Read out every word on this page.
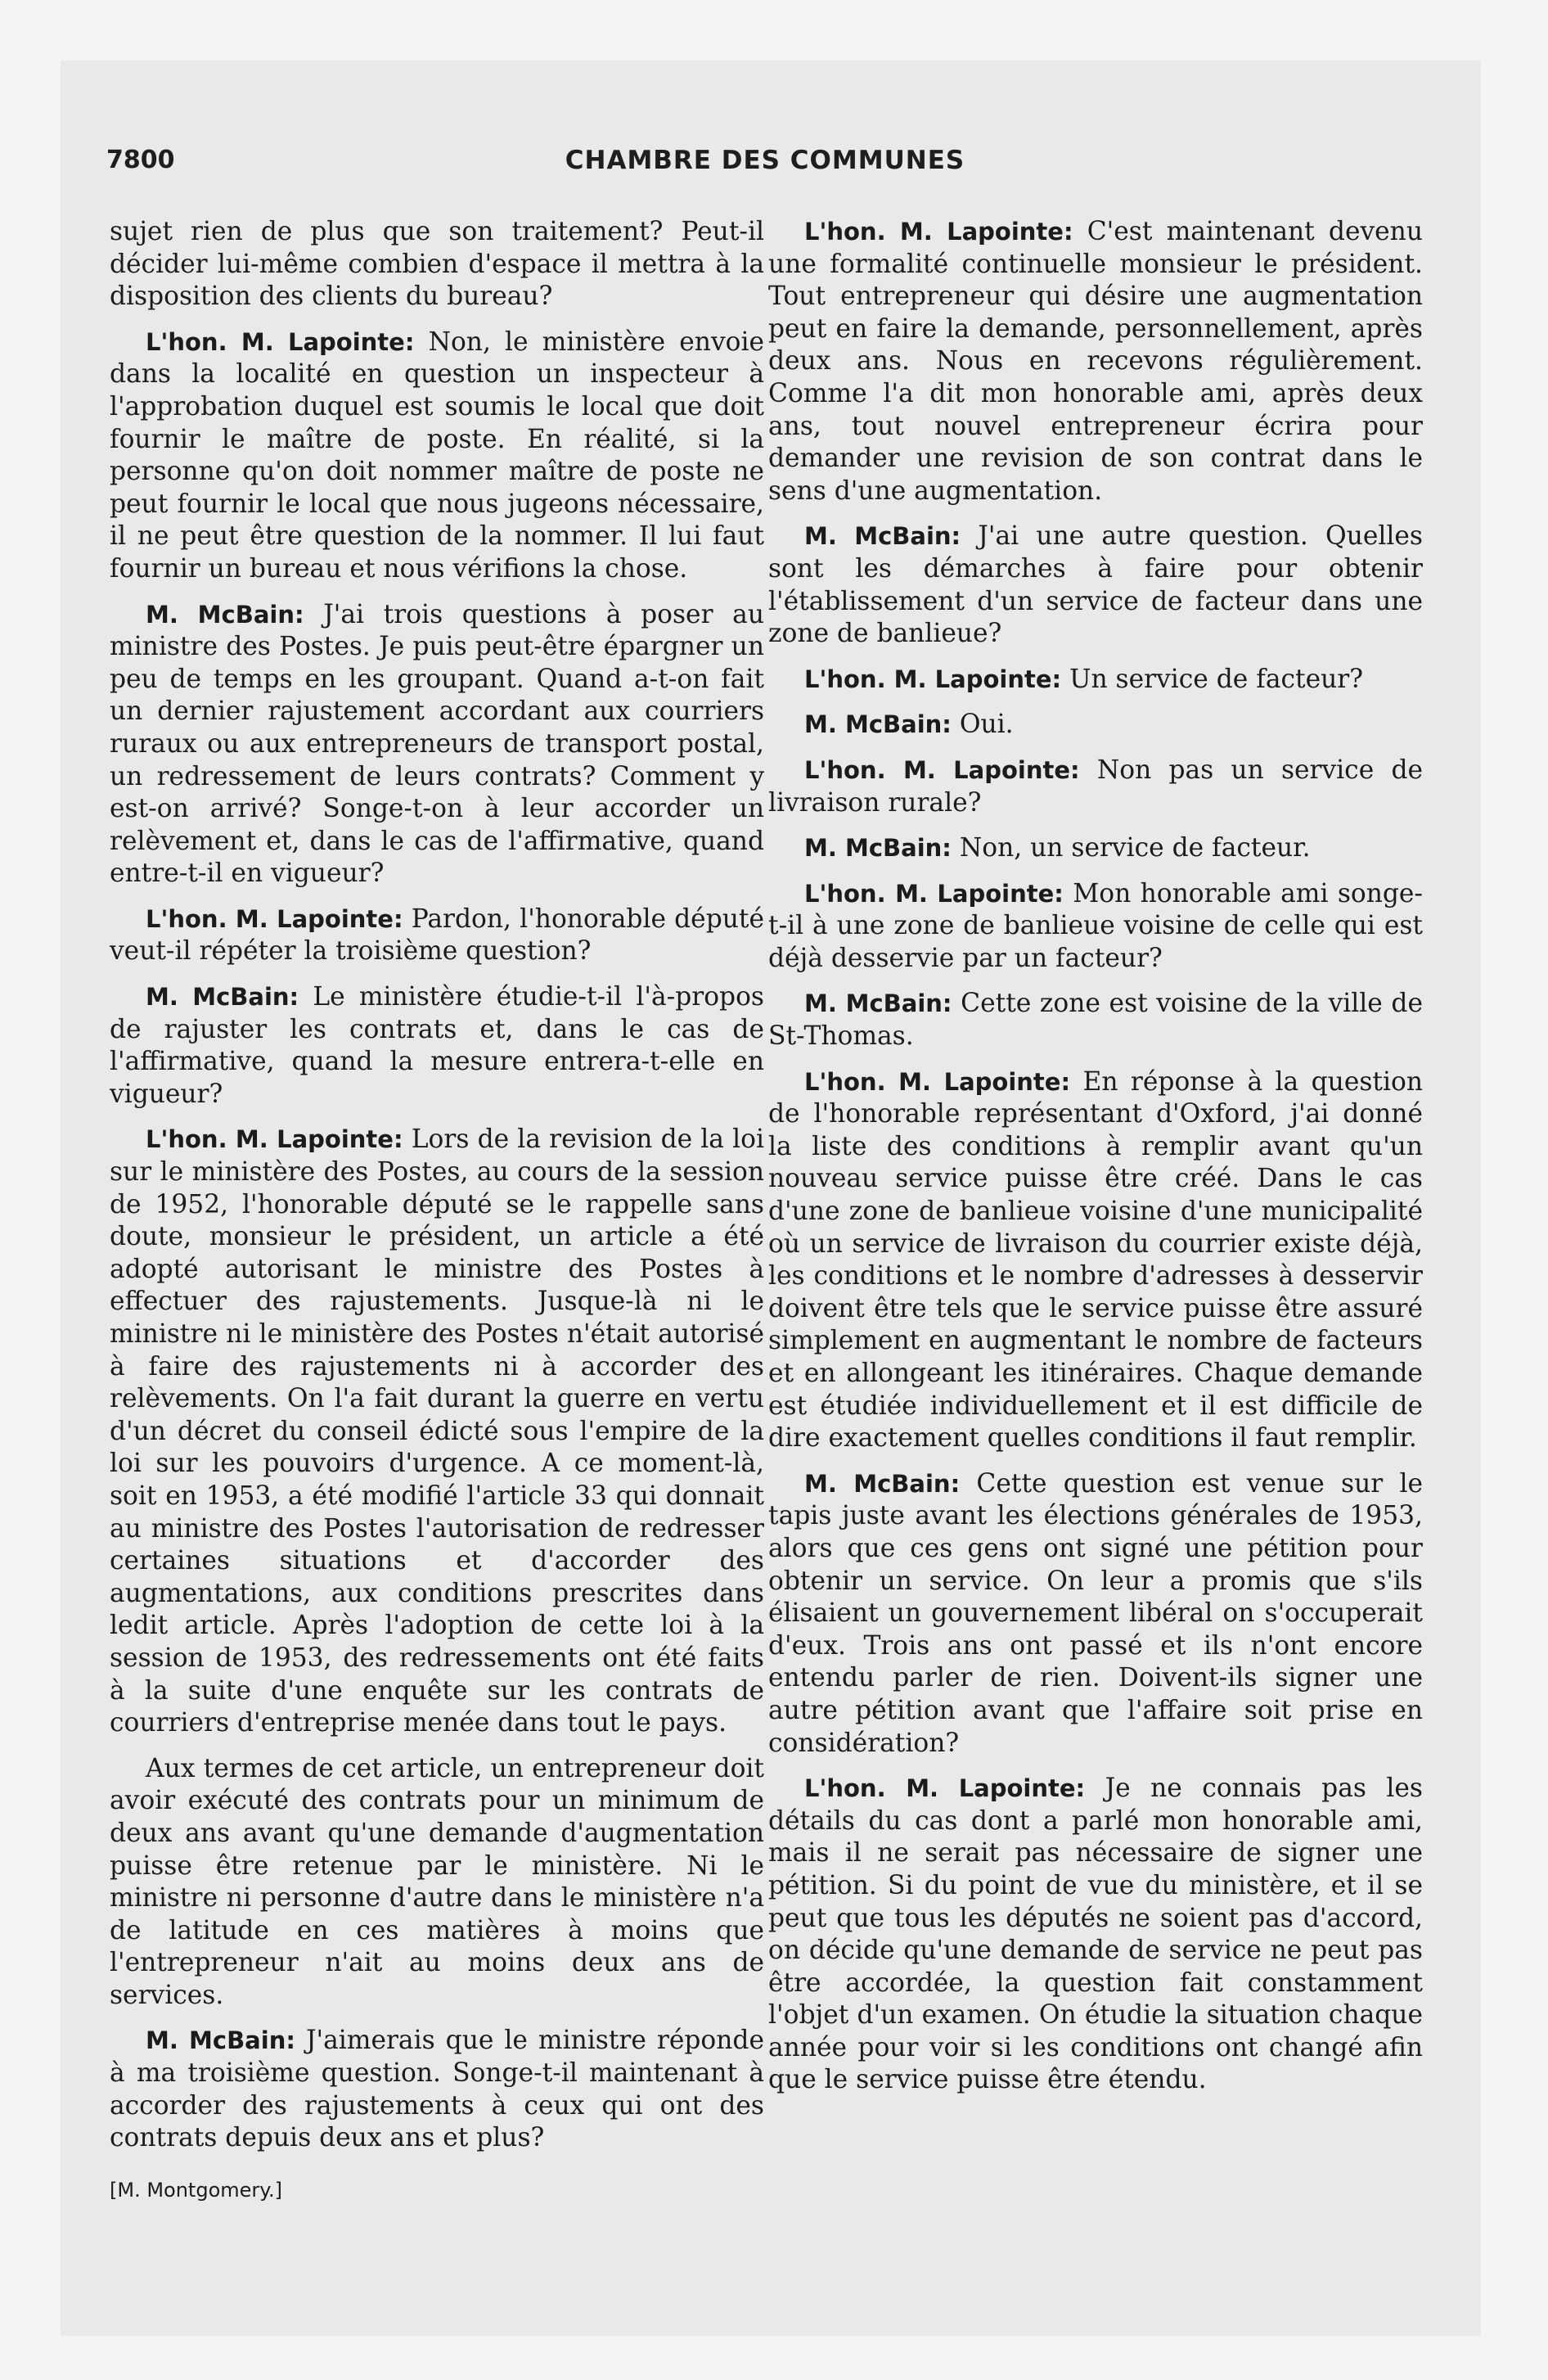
7800	CHAMBRE DES COMMUNES

sujet rien de plus que son traitement? Peut-il décider lui-même combien d'espace il mettra à la disposition des clients du bureau?

L'hon. M. Lapointe: Non, le ministère envoie dans la localité en question un inspecteur à l'approbation duquel est soumis le local que doit fournir le maître de poste. En réalité, si la personne qu'on doit nommer maître de poste ne peut fournir le local que nous jugeons nécessaire, il ne peut être question de la nommer. Il lui faut fournir un bureau et nous vérifions la chose.

M. McBain: J'ai trois questions à poser au ministre des Postes. Je puis peut-être épargner un peu de temps en les groupant. Quand a-t-on fait un dernier rajustement accordant aux courriers ruraux ou aux entrepreneurs de transport postal, un redressement de leurs contrats? Comment y est-on arrivé? Songe-t-on à leur accorder un relèvement et, dans le cas de l'affirmative, quand entre-t-il en vigueur?

L'hon. M. Lapointe: Pardon, l'honorable député veut-il répéter la troisième question?

M. McBain: Le ministère étudie-t-il l'à-propos de rajuster les contrats et, dans le cas de l'affirmative, quand la mesure entrera-t-elle en vigueur?

L'hon. M. Lapointe: Lors de la revision de la loi sur le ministère des Postes, au cours de la session de 1952, l'honorable député se le rappelle sans doute, monsieur le président, un article a été adopté autorisant le ministre des Postes à effectuer des rajustements. Jusque-là ni le ministre ni le ministère des Postes n'était autorisé à faire des rajustements ni à accorder des relèvements. On l'a fait durant la guerre en vertu d'un décret du conseil édicté sous l'empire de la loi sur les pouvoirs d'urgence. A ce moment-là, soit en 1953, a été modifié l'article 33 qui donnait au ministre des Postes l'autorisation de redresser certaines situations et d'accorder des augmentations, aux conditions prescrites dans ledit article. Après l'adoption de cette loi à la session de 1953, des redressements ont été faits à la suite d'une enquête sur les contrats de courriers d'entreprise menée dans tout le pays.

Aux termes de cet article, un entrepreneur doit avoir exécuté des contrats pour un minimum de deux ans avant qu'une demande d'augmentation puisse être retenue par le ministère. Ni le ministre ni personne d'autre dans le ministère n'a de latitude en ces matières à moins que l'entrepreneur n'ait au moins deux ans de services.

M. McBain: J'aimerais que le ministre réponde à ma troisième question. Songe-t-il maintenant à accorder des rajustements à ceux qui ont des contrats depuis deux ans et plus?

[M. Montgomery.]

L'hon. M. Lapointe: C'est maintenant devenu une formalité continuelle monsieur le président. Tout entrepreneur qui désire une augmentation peut en faire la demande, personnellement, après deux ans. Nous en recevons régulièrement. Comme l'a dit mon honorable ami, après deux ans, tout nouvel entrepreneur écrira pour demander une revision de son contrat dans le sens d'une augmentation.

M. McBain: J'ai une autre question. Quelles sont les démarches à faire pour obtenir l'établissement d'un service de facteur dans une zone de banlieue?

L'hon. M. Lapointe: Un service de facteur?

M. McBain: Oui.

L'hon. M. Lapointe: Non pas un service de livraison rurale?

M. McBain: Non, un service de facteur.

L'hon. M. Lapointe: Mon honorable ami songe-t-il à une zone de banlieue voisine de celle qui est déjà desservie par un facteur?

M. McBain: Cette zone est voisine de la ville de St-Thomas.

L'hon. M. Lapointe: En réponse à la question de l'honorable représentant d'Oxford, j'ai donné la liste des conditions à remplir avant qu'un nouveau service puisse être créé. Dans le cas d'une zone de banlieue voisine d'une municipalité où un service de livraison du courrier existe déjà, les conditions et le nombre d'adresses à desservir doivent être tels que le service puisse être assuré simplement en augmentant le nombre de facteurs et en allongeant les itinéraires. Chaque demande est étudiée individuellement et il est difficile de dire exactement quelles conditions il faut remplir.

M. McBain: Cette question est venue sur le tapis juste avant les élections générales de 1953, alors que ces gens ont signé une pétition pour obtenir un service. On leur a promis que s'ils élisaient un gouvernement libéral on s'occuperait d'eux. Trois ans ont passé et ils n'ont encore entendu parler de rien. Doivent-ils signer une autre pétition avant que l'affaire soit prise en considération?

L'hon. M. Lapointe: Je ne connais pas les détails du cas dont a parlé mon honorable ami, mais il ne serait pas nécessaire de signer une pétition. Si du point de vue du ministère, et il se peut que tous les députés ne soient pas d'accord, on décide qu'une demande de service ne peut pas être accordée, la question fait constamment l'objet d'un examen. On étudie la situation chaque année pour voir si les conditions ont changé afin que le service puisse être étendu.
